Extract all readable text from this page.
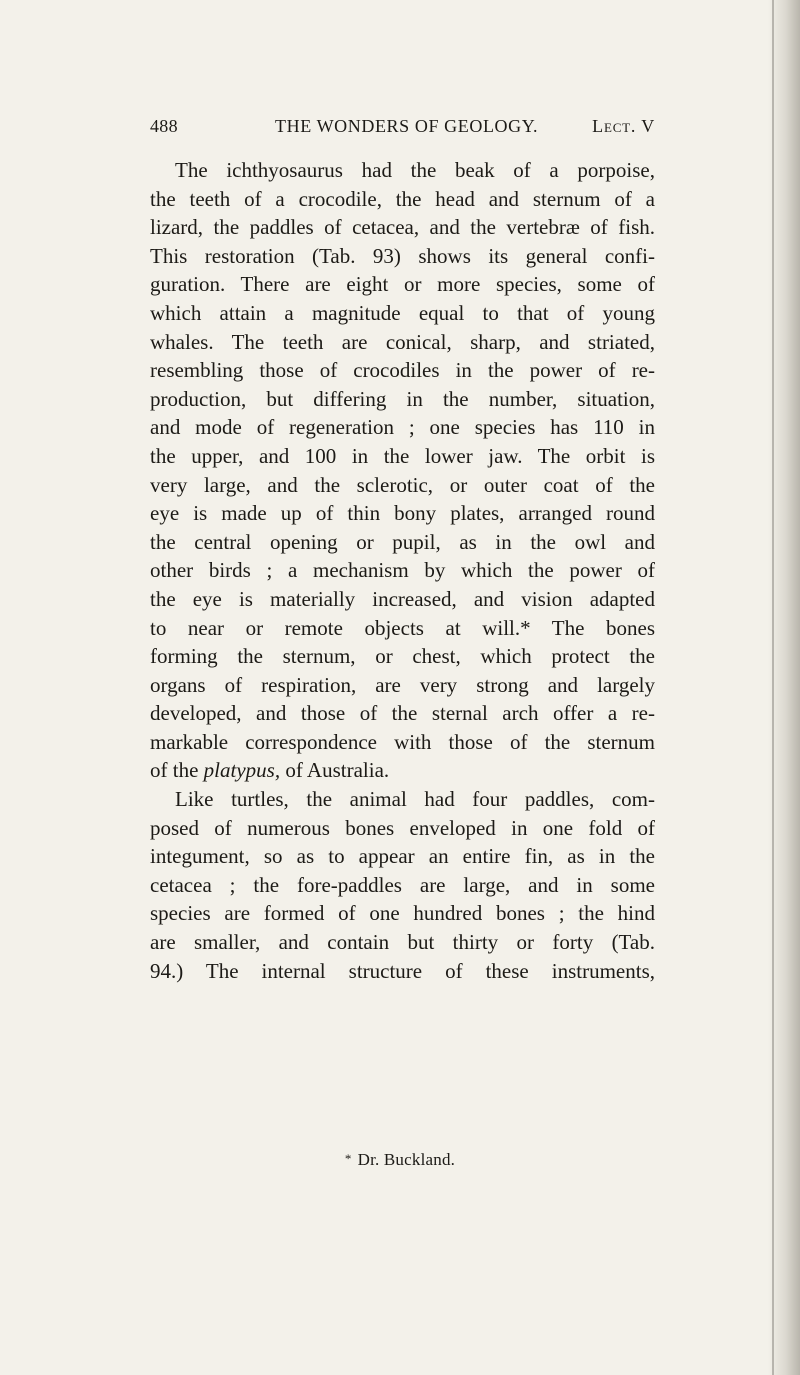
488	THE WONDERS OF GEOLOGY.	Lect. V
The ichthyosaurus had the beak of a porpoise,
the teeth of a crocodile, the head and sternum of a
lizard, the paddles of cetacea, and the vertebræ of fish.
This restoration (Tab. 93) shows its general confi-
guration. There are eight or more species, some of
which attain a magnitude equal to that of young
whales. The teeth are conical, sharp, and striated,
resembling those of crocodiles in the power of re-
production, but differing in the number, situation,
and mode of regeneration ; one species has 110 in
the upper, and 100 in the lower jaw. The orbit is
very large, and the sclerotic, or outer coat of the
eye is made up of thin bony plates, arranged round
the central opening or pupil, as in the owl and
other birds ; a mechanism by which the power of
the eye is materially increased, and vision adapted
to near or remote objects at will.* The bones
forming the sternum, or chest, which protect the
organs of respiration, are very strong and largely
developed, and those of the sternal arch offer a re-
markable correspondence with those of the sternum
of the platypus, of Australia.
Like turtles, the animal had four paddles, com-
posed of numerous bones enveloped in one fold of
integument, so as to appear an entire fin, as in the
cetacea ; the fore-paddles are large, and in some
species are formed of one hundred bones ; the hind
are smaller, and contain but thirty or forty (Tab.
94.) The internal structure of these instruments,
* Dr. Buckland.
